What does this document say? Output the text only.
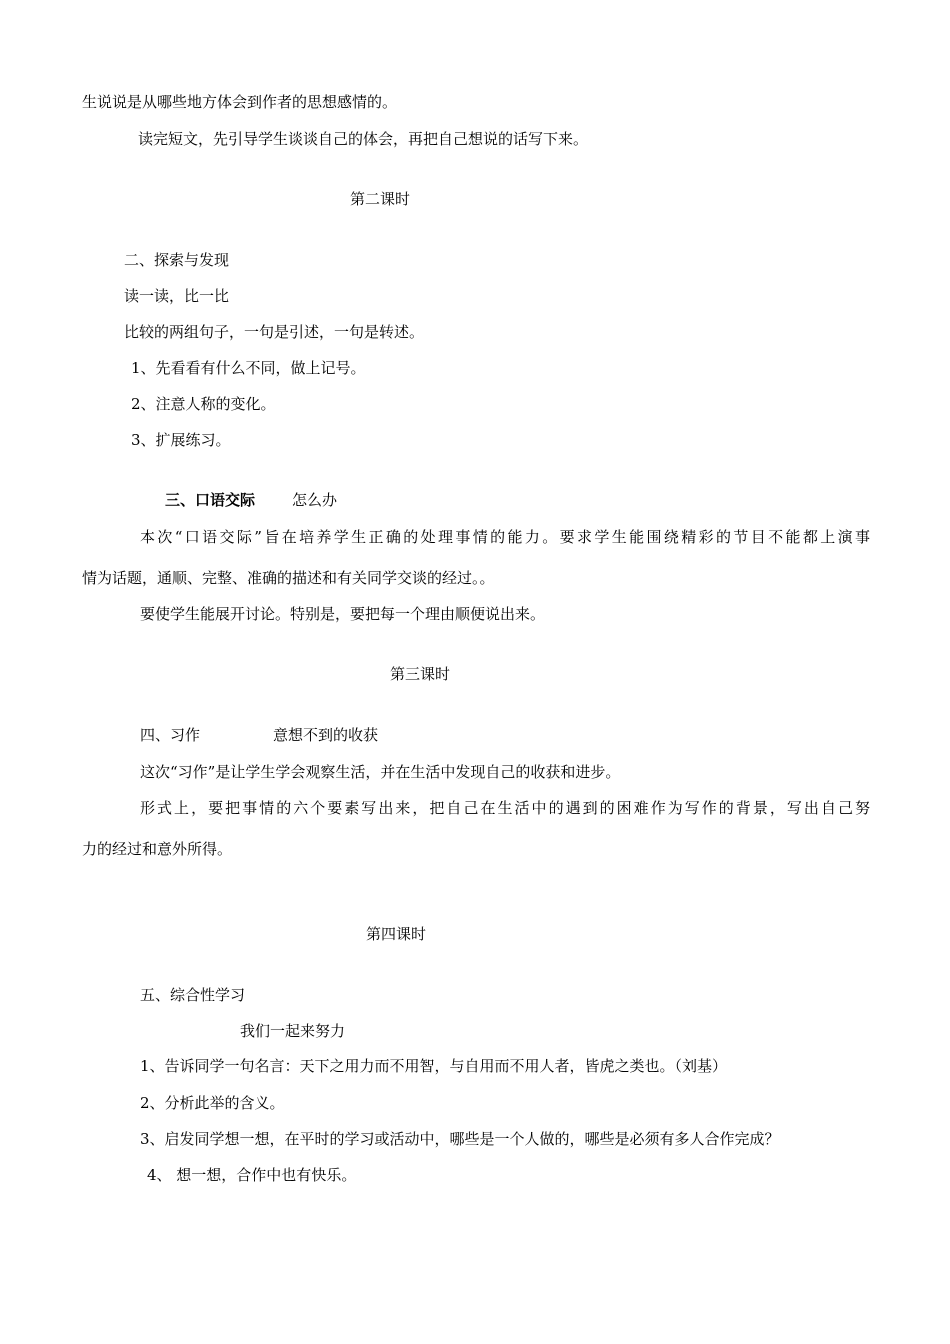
生说说是从哪些地方体会到作者的思想感情的。
读完短文，先引导学生谈谈自己的体会，再把自己想说的话写下来。
第二课时
二、探索与发现
读一读，比一比
比较的两组句子，一句是引述，一句是转述。
1、先看看有什么不同，做上记号。
2、注意人称的变化。
3、扩展练习。
三、口语交际 怎么办
本次“口语交际”旨在培养学生正确的处理事情的能力。要求学生能围绕精彩的节目不能都上演事
情为话题，通顺、完整、准确的描述和有关同学交谈的经过。。
要使学生能展开讨论。特别是，要把每一个理由顺便说出来。
第三课时
四、习作	意想不到的收获
这次“习作”是让学生学会观察生活，并在生活中发现自己的收获和进步。
形式上，要把事情的六个要素写出来，把自己在生活中的遇到的困难作为写作的背景，写出自己努
力的经过和意外所得。
第四课时
五、综合性学习
我们一起来努力
1、告诉同学一句名言：天下之用力而不用智，与自用而不用人者，皆虎之类也。（刘基）
2、分析此举的含义。
3、启发同学想一想，在平时的学习或活动中，哪些是一个人做的，哪些是必须有多人合作完成？
4、 想一想，合作中也有快乐。
